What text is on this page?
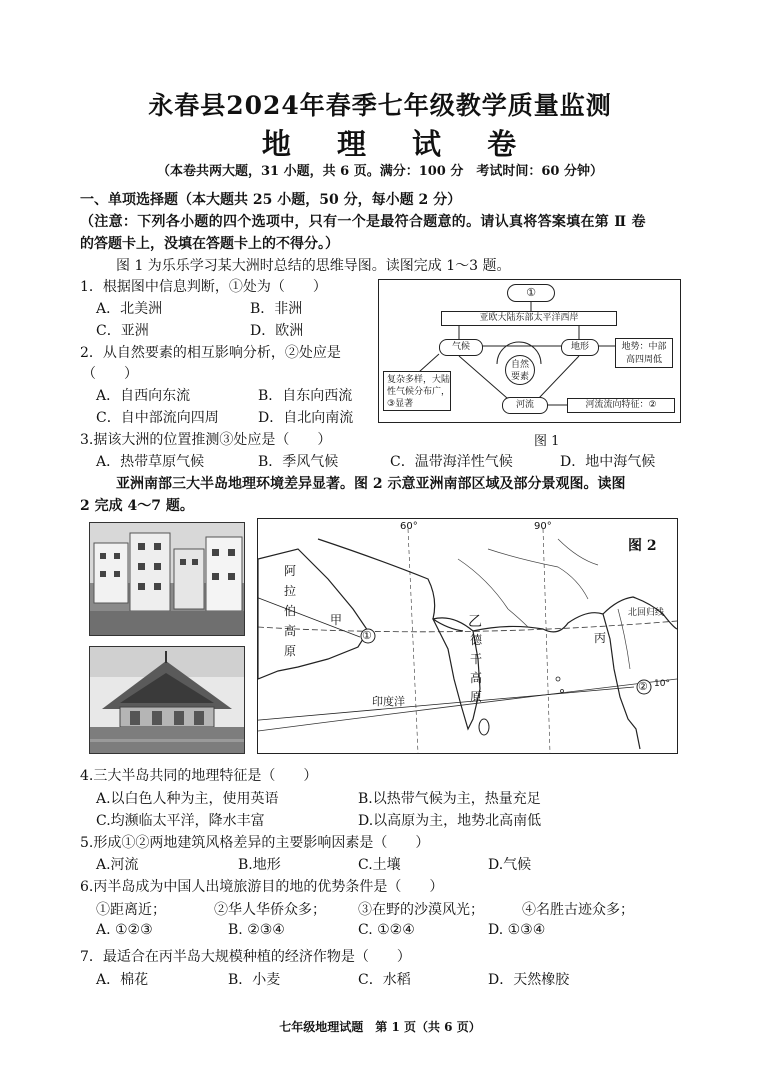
永春县2024年春季七年级教学质量监测
地 理 试 卷
（本卷共两大题，31 小题，共 6 页。满分：100 分　考试时间：60 分钟）
一、单项选择题（本大题共 25 小题，50 分，每小题 2 分）
（注意：下列各小题的四个选项中，只有一个是最符合题意的。请认真将答案填在第 Ⅱ 卷
的答题卡上，没填在答题卡上的不得分。）
图 1 为乐乐学习某大洲时总结的思维导图。读图完成 1～3 题。
1．根据图中信息判断，①处为（　　）
A．北美洲	B．非洲
C．亚洲	D．欧洲
2．从自然要素的相互影响分析，②处应是
（　　）
A．自西向东流	B．自东向西流
C．自中部流向四周	D．自北向南流
3.据该大洲的位置推测③处应是（　　）
A．热带草原气候	B．季风气候	C．温带海洋性气候	D．地中海气候
亚洲南部三大半岛地理环境差异显著。图 2 示意亚洲南部区域及部分景观图。读图
2 完成 4～7 题。
①
亚欧大陆东部太平洋西岸
气候	地形
自然
要素
地势：中部
高四周低
复杂多样，大陆
性气候分布广，
③显著	河流	河流流向特征：②
图 1
60°	90°
图 2
北回归线
10°
印度洋
阿
拉
伯
高
原
甲	乙
丙
德
干
高
原
①
②
4.三大半岛共同的地理特征是（　　）
A.以白色人种为主，使用英语	B.以热带气候为主，热量充足
C.均濒临太平洋，降水丰富	D.以高原为主，地势北高南低
5.形成①②两地建筑风格差异的主要影响因素是（　　）
A.河流	B.地形	C.土壤	D.气候
6.丙半岛成为中国人出境旅游目的地的优势条件是（　　）
①距离近；	②华人华侨众多； ③在野的沙漠风光；	④名胜古迹众多；
A. ①②③	B. ②③④	C. ①②④	D. ①③④
7．最适合在丙半岛大规模种植的经济作物是（　　）
A．棉花	B．小麦	C．水稻	D．天然橡胶
七年级地理试题　第 1 页（共 6 页）
